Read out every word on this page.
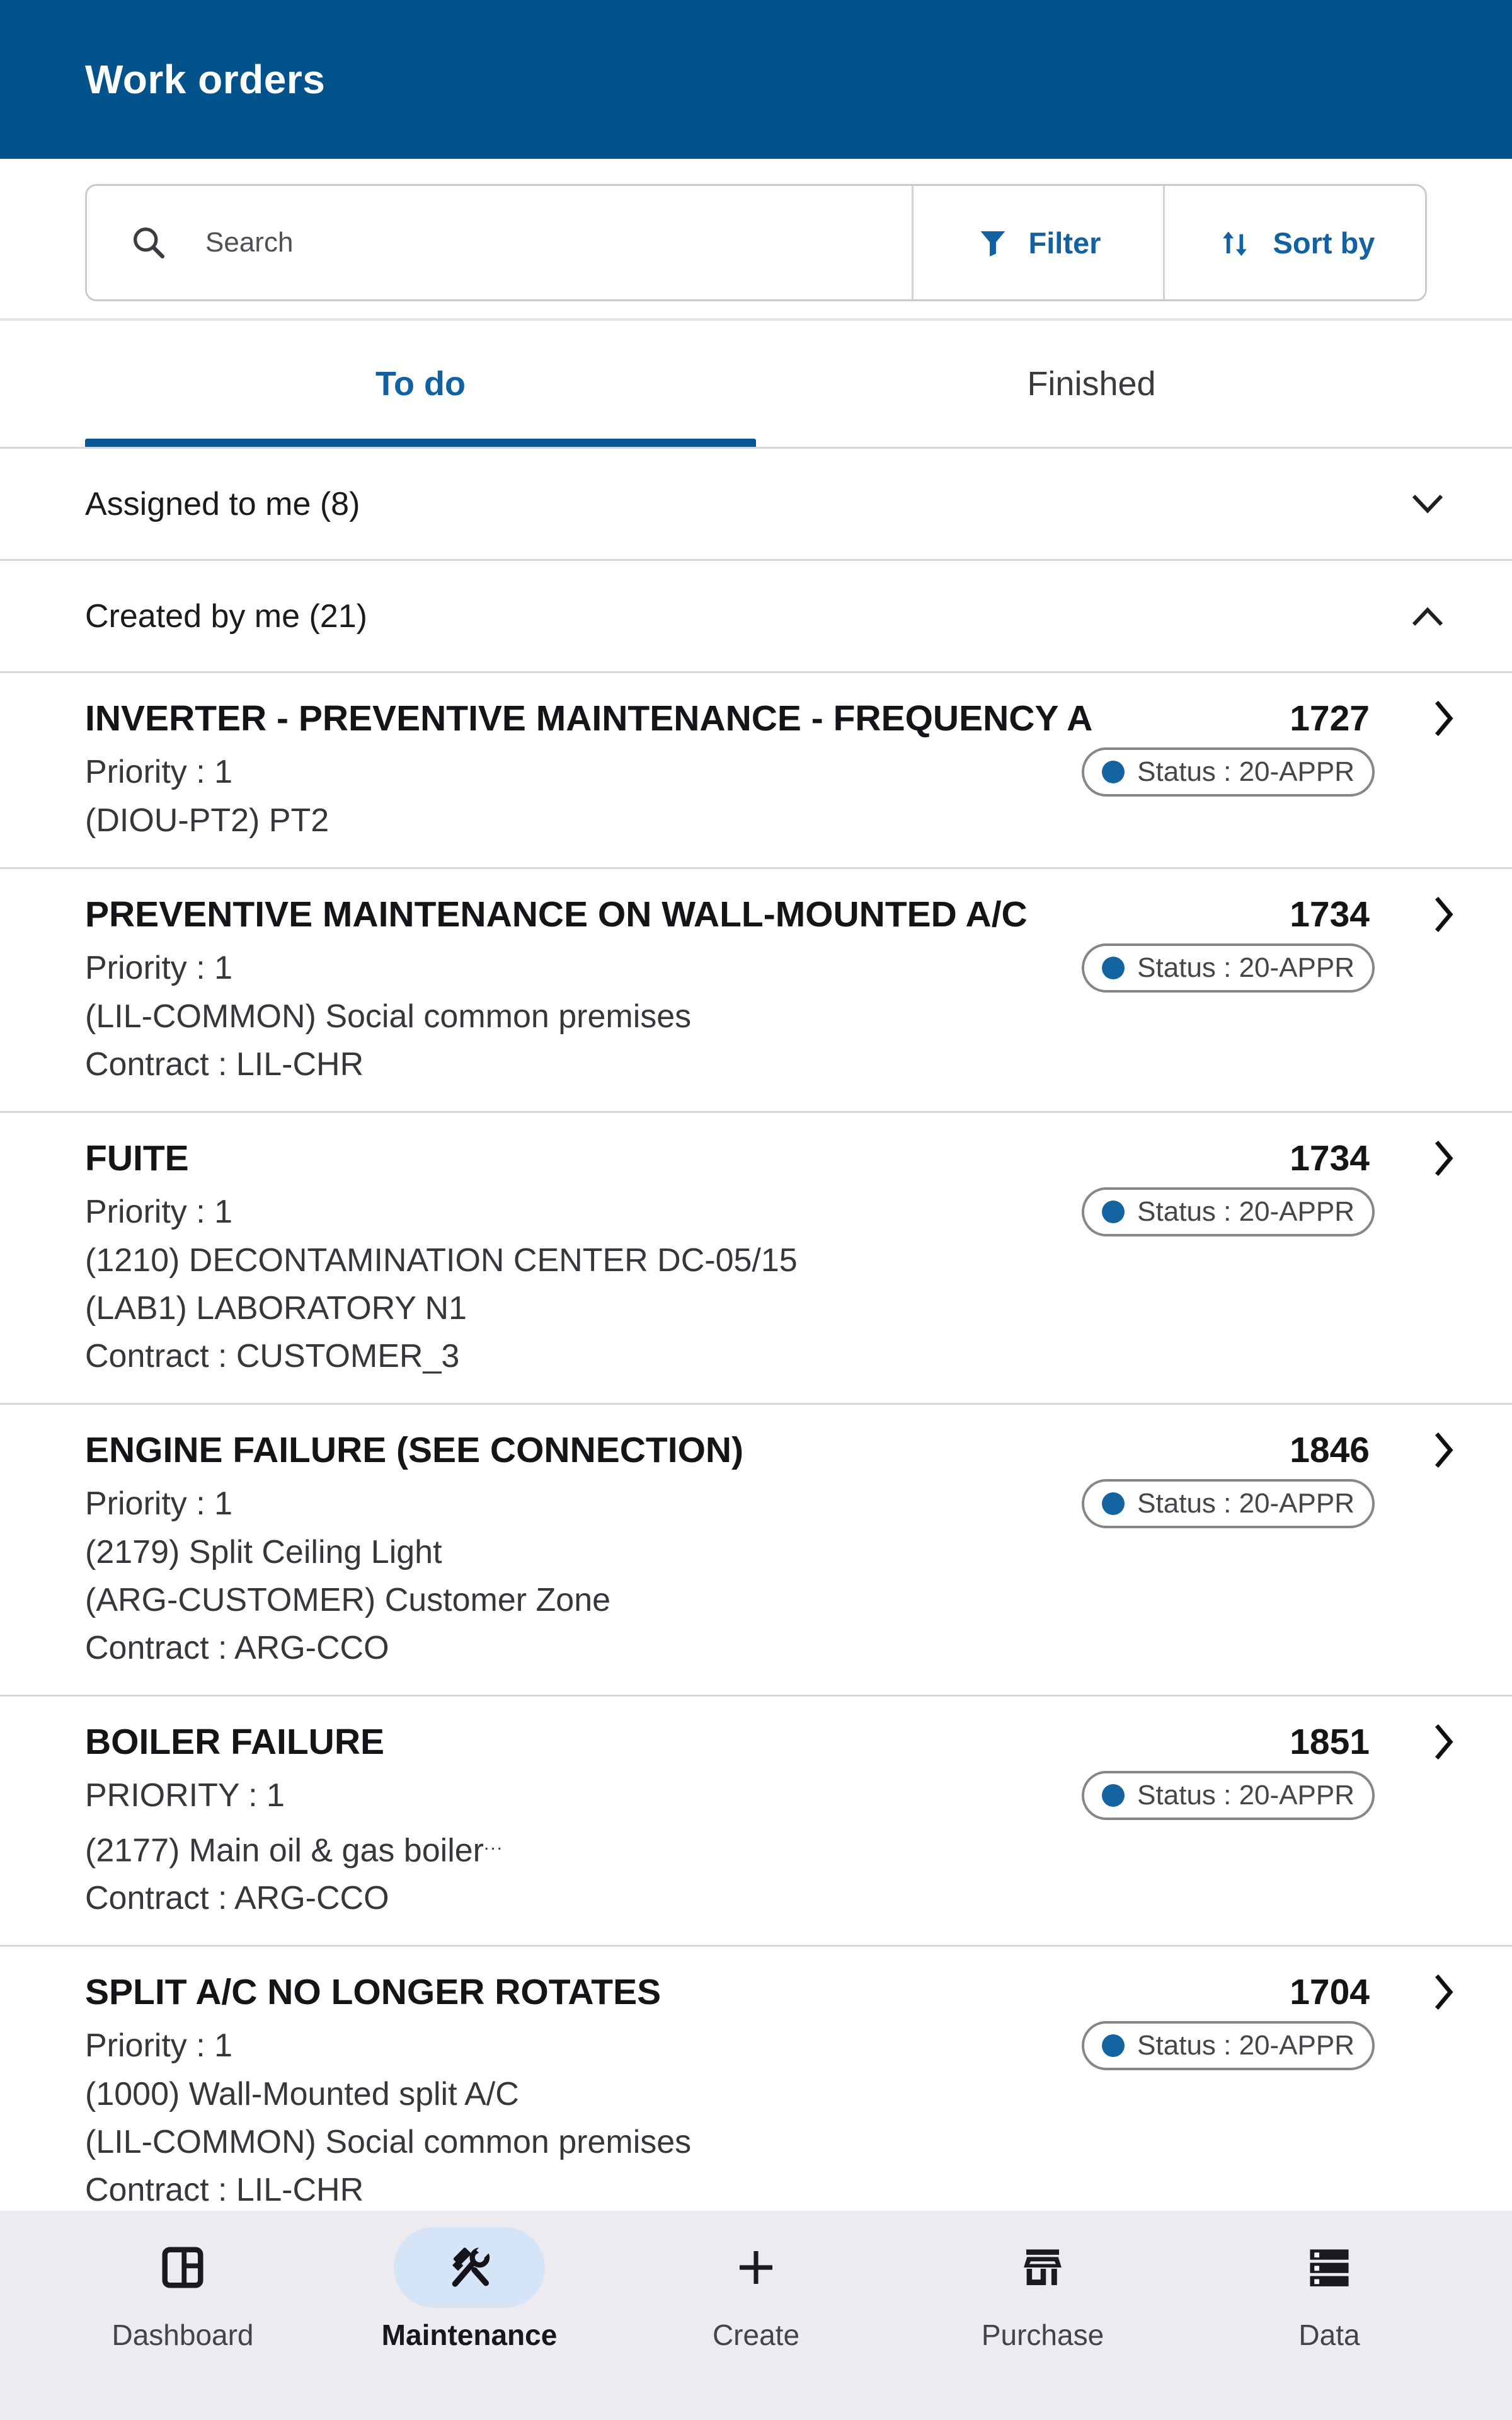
Work orders
Search
Filter	Sort by
To do	Finished
Assigned to me (8)
Created by me (21)
INVERTER - PREVENTIVE MAINTENANCE - FREQUENCY A	1727
Priority : 1	Status : 20-APPR
(DIOU-PT2) PT2
PREVENTIVE MAINTENANCE ON WALL-MOUNTED A/C	1734
Priority : 1	Status : 20-APPR
(LIL-COMMON) Social common premises
Contract : LIL-CHR
FUITE	1734
Priority : 1	Status : 20-APPR
(1210) DECONTAMINATION CENTER DC-05/15
(LAB1) LABORATORY N1
Contract : CUSTOMER_3
ENGINE FAILURE (SEE CONNECTION)	1846
Priority : 1	Status : 20-APPR
(2179) Split Ceiling Light
(ARG-CUSTOMER) Customer Zone
Contract : ARG-CCO
BOILER FAILURE	1851
PRIORITY : 1	Status : 20-APPR
(2177) Main oil & gas boiler...
Contract : ARG-CCO
SPLIT A/C NO LONGER ROTATES	1704
Priority : 1	Status : 20-APPR
(1000) Wall-Mounted split A/C
(LIL-COMMON) Social common premises
Contract : LIL-CHR
Dashboard	Maintenance	Create	Purchase	Data
